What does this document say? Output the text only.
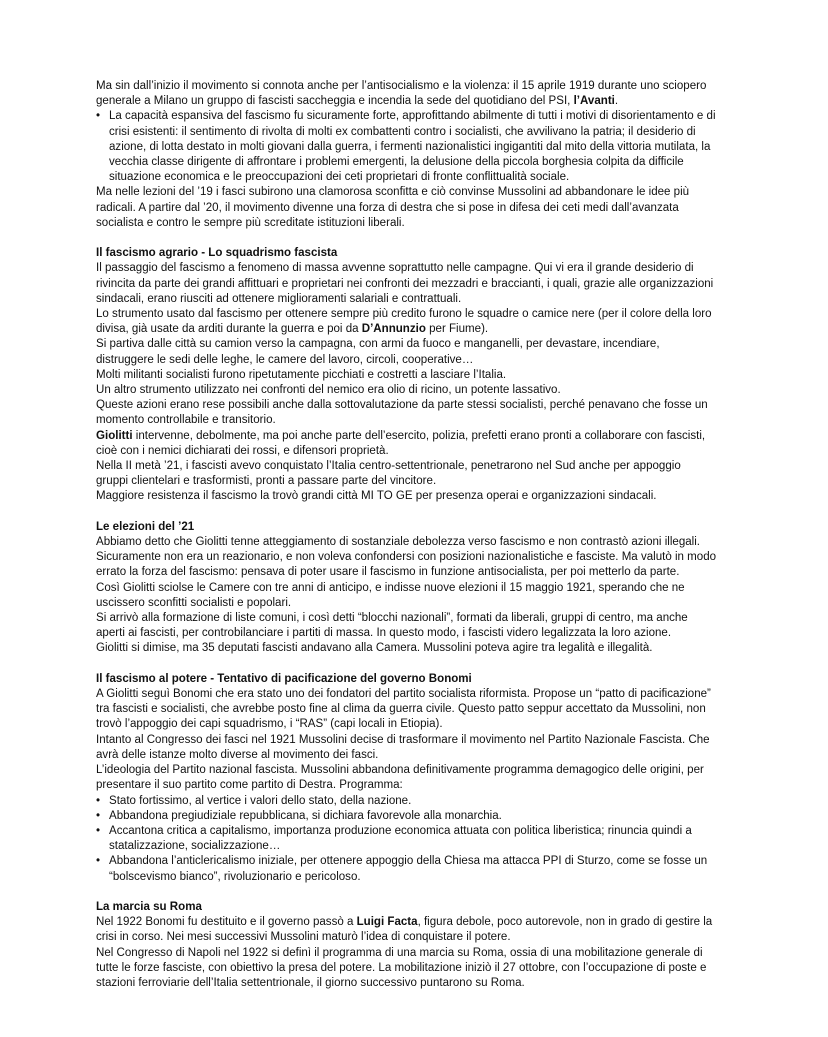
Ma sin dall’inizio il movimento si connota anche per l’antisocialismo e la violenza: il 15 aprile 1919 durante uno sciopero
generale a Milano un gruppo di fascisti saccheggia e incendia la sede del quotidiano del PSI, l’Avanti.
• La capacità espansiva del fascismo fu sicuramente forte, approfittando abilmente di tutti i motivi di disorientamento e di
crisi esistenti: il sentimento di rivolta di molti ex combattenti contro i socialisti, che avvilivano la patria; il desiderio di
azione, di lotta destato in molti giovani dalla guerra, i fermenti nazionalistici ingigantiti dal mito della vittoria mutilata, la
vecchia classe dirigente di affrontare i problemi emergenti, la delusione della piccola borghesia colpita da difficile
situazione economica e le preoccupazioni dei ceti proprietari di fronte conflittualità sociale.
Ma nelle lezioni del ’19 i fasci subirono una clamorosa sconfitta e ciò convinse Mussolini ad abbandonare le idee più
radicali. A partire dal ’20, il movimento divenne una forza di destra che si pose in difesa dei ceti medi dall’avanzata
socialista e contro le sempre più screditate istituzioni liberali.
Il fascismo agrario - Lo squadrismo fascista
Il passaggio del fascismo a fenomeno di massa avvenne soprattutto nelle campagne. Qui vi era il grande desiderio di
rivincita da parte dei grandi affittuari e proprietari nei confronti dei mezzadri e braccianti, i quali, grazie alle organizzazioni
sindacali, erano riusciti ad ottenere miglioramenti salariali e contrattuali.
Lo strumento usato dal fascismo per ottenere sempre più credito furono le squadre o camice nere (per il colore della loro
divisa, già usate da arditi durante la guerra e poi da D’Annunzio per Fiume).
Si partiva dalle città su camion verso la campagna, con armi da fuoco e manganelli, per devastare, incendiare,
distruggere le sedi delle leghe, le camere del lavoro, circoli, cooperative…
Molti militanti socialisti furono ripetutamente picchiati e costretti a lasciare l’Italia.
Un altro strumento utilizzato nei confronti del nemico era olio di ricino, un potente lassativo.
Queste azioni erano rese possibili anche dalla sottovalutazione da parte stessi socialisti, perché penavano che fosse un
momento controllabile e transitorio.
Giolitti intervenne, debolmente, ma poi anche parte dell’esercito, polizia, prefetti erano pronti a collaborare con fascisti,
cioè con i nemici dichiarati dei rossi, e difensori proprietà.
Nella II metà ’21, i fascisti avevo conquistato l’Italia centro-settentrionale, penetrarono nel Sud anche per appoggio
gruppi clientelari e trasformisti, pronti a passare parte del vincitore.
Maggiore resistenza il fascismo la trovò grandi città MI TO GE per presenza operai e organizzazioni sindacali.
Le elezioni del ’21
Abbiamo detto che Giolitti tenne atteggiamento di sostanziale debolezza verso fascismo e non contrastò azioni illegali.
Sicuramente non era un reazionario, e non voleva confondersi con posizioni nazionalistiche e fasciste. Ma valutò in modo
errato la forza del fascismo: pensava di poter usare il fascismo in funzione antisocialista, per poi metterlo da parte.
Così Giolitti sciolse le Camere con tre anni di anticipo, e indisse nuove elezioni il 15 maggio 1921, sperando che ne
uscissero sconfitti socialisti e popolari.
Si arrivò alla formazione di liste comuni, i così detti “blocchi nazionali”, formati da liberali, gruppi di centro, ma anche
aperti ai fascisti, per controbilanciare i partiti di massa. In questo modo, i fascisti videro legalizzata la loro azione.
Giolitti si dimise, ma 35 deputati fascisti andavano alla Camera. Mussolini poteva agire tra legalità e illegalità.
Il fascismo al potere - Tentativo di pacificazione del governo Bonomi
A Giolitti seguì Bonomi che era stato uno dei fondatori del partito socialista riformista. Propose un “patto di pacificazione”
tra fascisti e socialisti, che avrebbe posto fine al clima da guerra civile. Questo patto seppur accettato da Mussolini, non
trovò l’appoggio dei capi squadrismo, i “RAS” (capi locali in Etiopia).
Intanto al Congresso dei fasci nel 1921 Mussolini decise di trasformare il movimento nel Partito Nazionale Fascista. Che
avrà delle istanze molto diverse al movimento dei fasci.
L’ideologia del Partito nazional fascista. Mussolini abbandona definitivamente programma demagogico delle origini, per
presentare il suo partito come partito di Destra. Programma:
• Stato fortissimo, al vertice i valori dello stato, della nazione.
• Abbandona pregiudiziale repubblicana, si dichiara favorevole alla monarchia.
• Accantona critica a capitalismo, importanza produzione economica attuata con politica liberistica; rinuncia quindi a
statalizzazione, socializzazione…
• Abbandona l’anticlericalismo iniziale, per ottenere appoggio della Chiesa ma attacca PPI di Sturzo, come se fosse un
“bolscevismo bianco”, rivoluzionario e pericoloso.
La marcia su Roma
Nel 1922 Bonomi fu destituito e il governo passò a Luigi Facta, figura debole, poco autorevole, non in grado di gestire la
crisi in corso. Nei mesi successivi Mussolini maturò l’idea di conquistare il potere.
Nel Congresso di Napoli nel 1922 si definì il programma di una marcia su Roma, ossia di una mobilitazione generale di
tutte le forze fasciste, con obiettivo la presa del potere. La mobilitazione iniziò il 27 ottobre, con l’occupazione di poste e
stazioni ferroviarie dell’Italia settentrionale, il giorno successivo puntarono su Roma.
